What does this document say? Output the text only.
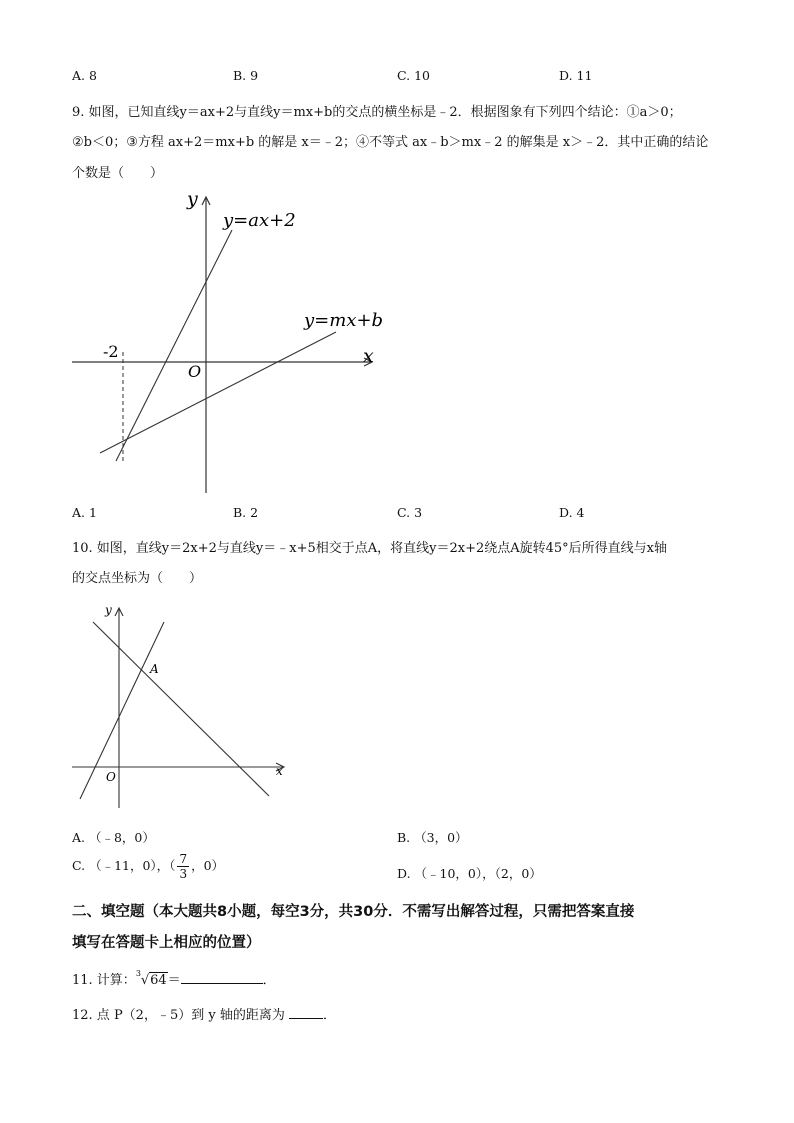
A. 8	B. 9	C. 10	D. 11
9. 如图，已知直线y＝ax+2与直线y＝mx+b的交点的横坐标是﹣2．根据图象有下列四个结论：①a＞0；
②b＜0；③方程 ax+2＝mx+b 的解是 x＝﹣2；④不等式 ax﹣b＞mx﹣2 的解集是 x＞﹣2．其中正确的结论
个数是（　　）
y
x
O
-2
y=ax+2
y=mx+b
A. 1	B. 2	C. 3	D. 4
10. 如图，直线y＝2x+2与直线y＝﹣x+5相交于点A，将直线y＝2x+2绕点A旋转45°后所得直线与x轴
的交点坐标为（　　）
y
x
O
A
A. （﹣8，0）	B. （3，0）
C. （﹣11，0），（ $\frac{7}{3}$ ，0）
D. （﹣10，0），（2，0）
二、填空题（本大题共8小题，每空3分，共30分．不需写出解答过程，只需把答案直接
填写在答题卡上相应的位置）
11. 计算： 3 √64＝	．
12. 点 P（2，﹣5）到 y 轴的距离为	．
